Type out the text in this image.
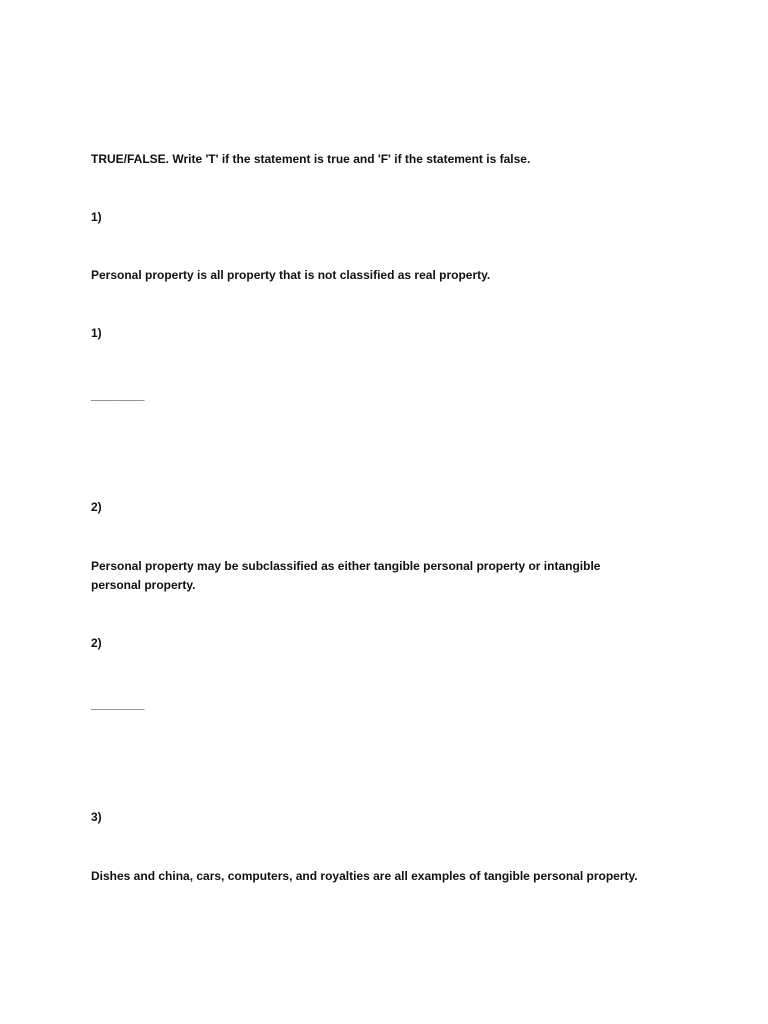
TRUE/FALSE. Write 'T' if the statement is true and 'F' if the statement is false.
1)
Personal property is all property that is not classified as real property.
1)
________
2)
Personal property may be subclassified as either tangible personal property or intangible personal property.
2)
________
3)
Dishes and china, cars, computers, and royalties are all examples of tangible personal property.
